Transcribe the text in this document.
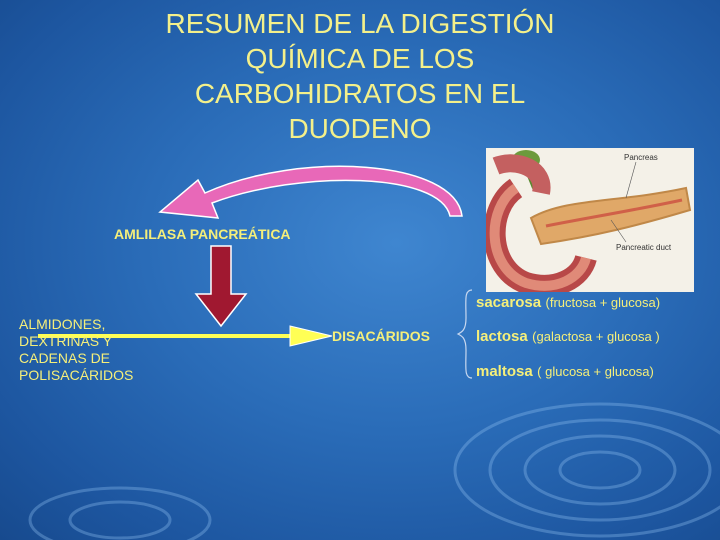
RESUMEN DE LA DIGESTIÓN
QUÍMICA DE LOS
CARBOHIDRATOS EN EL
DUODENO
Pancreas
Pancreatic duct
AMLILASA PANCREÁTICA
ALMIDONES,
DEXTRINAS Y
CADENAS DE
POLISACÁRIDOS
DISACÁRIDOS
sacarosa (fructosa + glucosa)
lactosa (galactosa + glucosa )
maltosa ( glucosa + glucosa)
